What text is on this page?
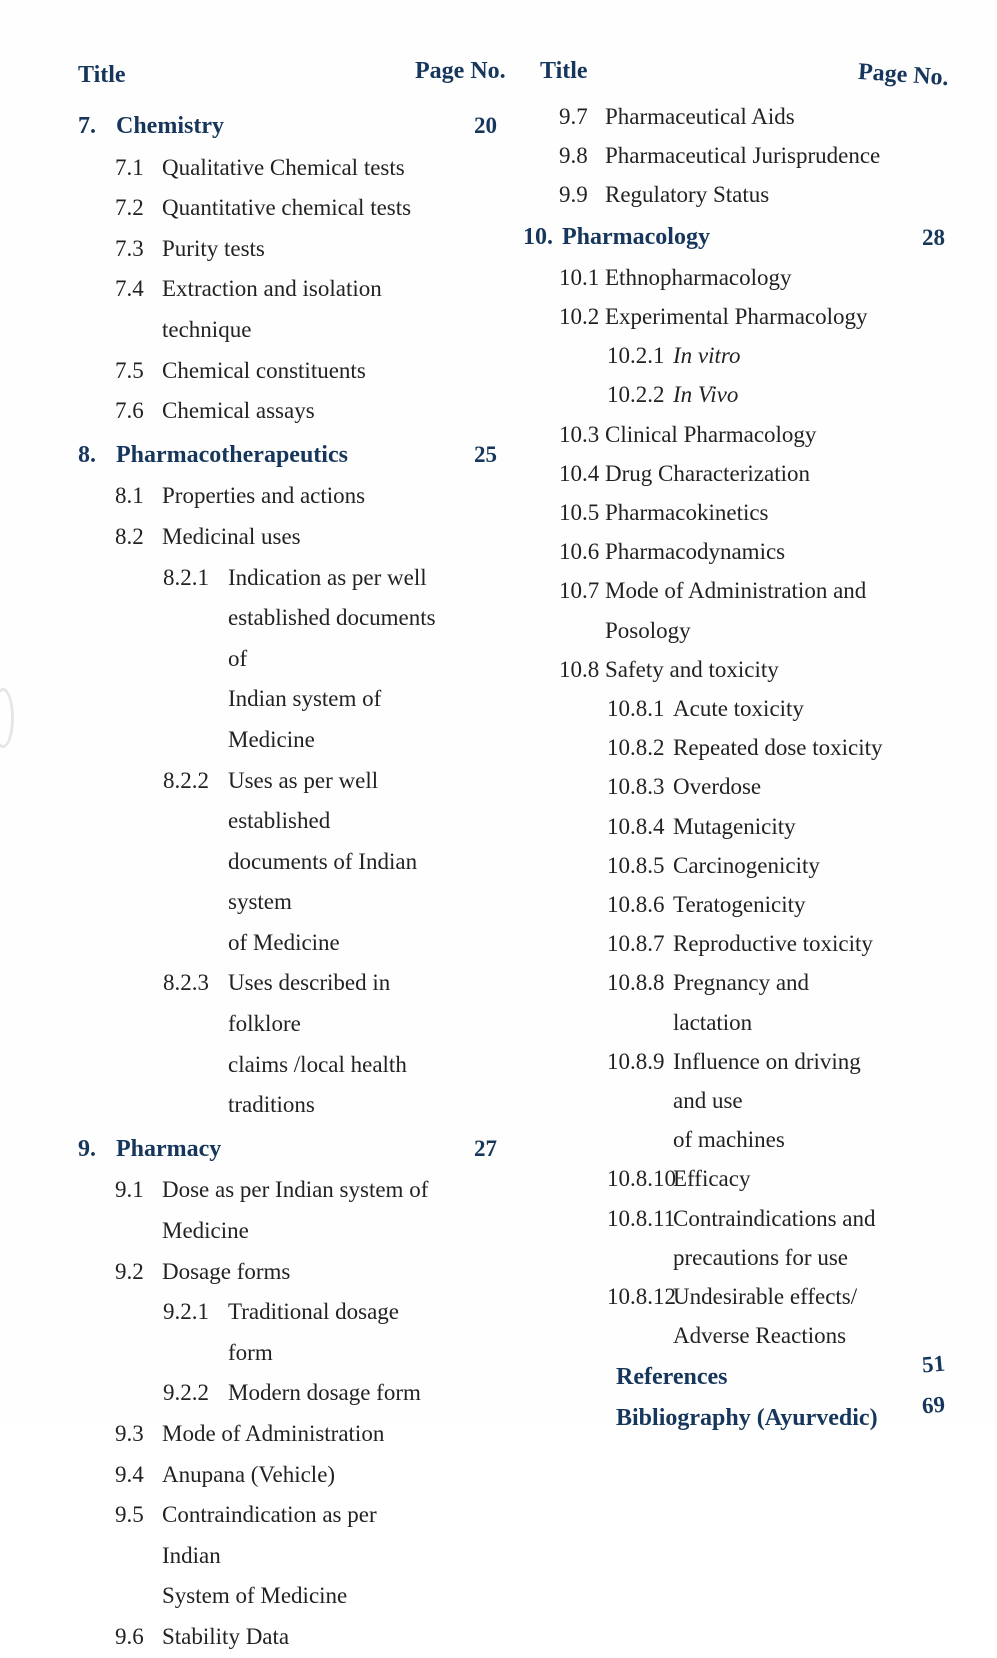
Title	Page No. Title	Page No.
7. Chemistry	20
7.1 Qualitative Chemical tests
7.2 Quantitative chemical tests
7.3 Purity tests
7.4 Extraction and isolation
technique
7.5 Chemical constituents
7.6 Chemical assays
8. Pharmacotherapeutics	25
8.1 Properties and actions
8.2 Medicinal uses
8.2.1 Indication as per well
established documents of
Indian system of Medicine
8.2.2 Uses as per well established
documents of Indian system
of Medicine
8.2.3 Uses described in folklore
claims /local health
traditions
9. Pharmacy	27
9.1 Dose as per Indian system of
Medicine
9.2 Dosage forms
9.2.1 Traditional dosage form
9.2.2 Modern dosage form
9.3 Mode of Administration
9.4 Anupana (Vehicle)
9.5 Contraindication as per Indian
System of Medicine
9.6 Stability Data
9.7 Pharmaceutical Aids
9.8 Pharmaceutical Jurisprudence
9.9 Regulatory Status
10. Pharmacology	28
10.1 Ethnopharmacology
10.2 Experimental Pharmacology
10.2.1 In vitro
10.2.2 In Vivo
10.3 Clinical Pharmacology
10.4 Drug Characterization
10.5 Pharmacokinetics
10.6 Pharmacodynamics
10.7 Mode of Administration and
Posology
10.8 Safety and toxicity
10.8.1 Acute toxicity
10.8.2 Repeated dose toxicity
10.8.3 Overdose
10.8.4 Mutagenicity
10.8.5 Carcinogenicity
10.8.6 Teratogenicity
10.8.7 Reproductive toxicity
10.8.8 Pregnancy and lactation
10.8.9 Influence on driving and use
of machines
10.8.10
Efficacy
10.8.11
Contraindications and
precautions for use
10.8.12
Undesirable effects/
Adverse Reactions
References	51
Bibliography (Ayurvedic)	69
